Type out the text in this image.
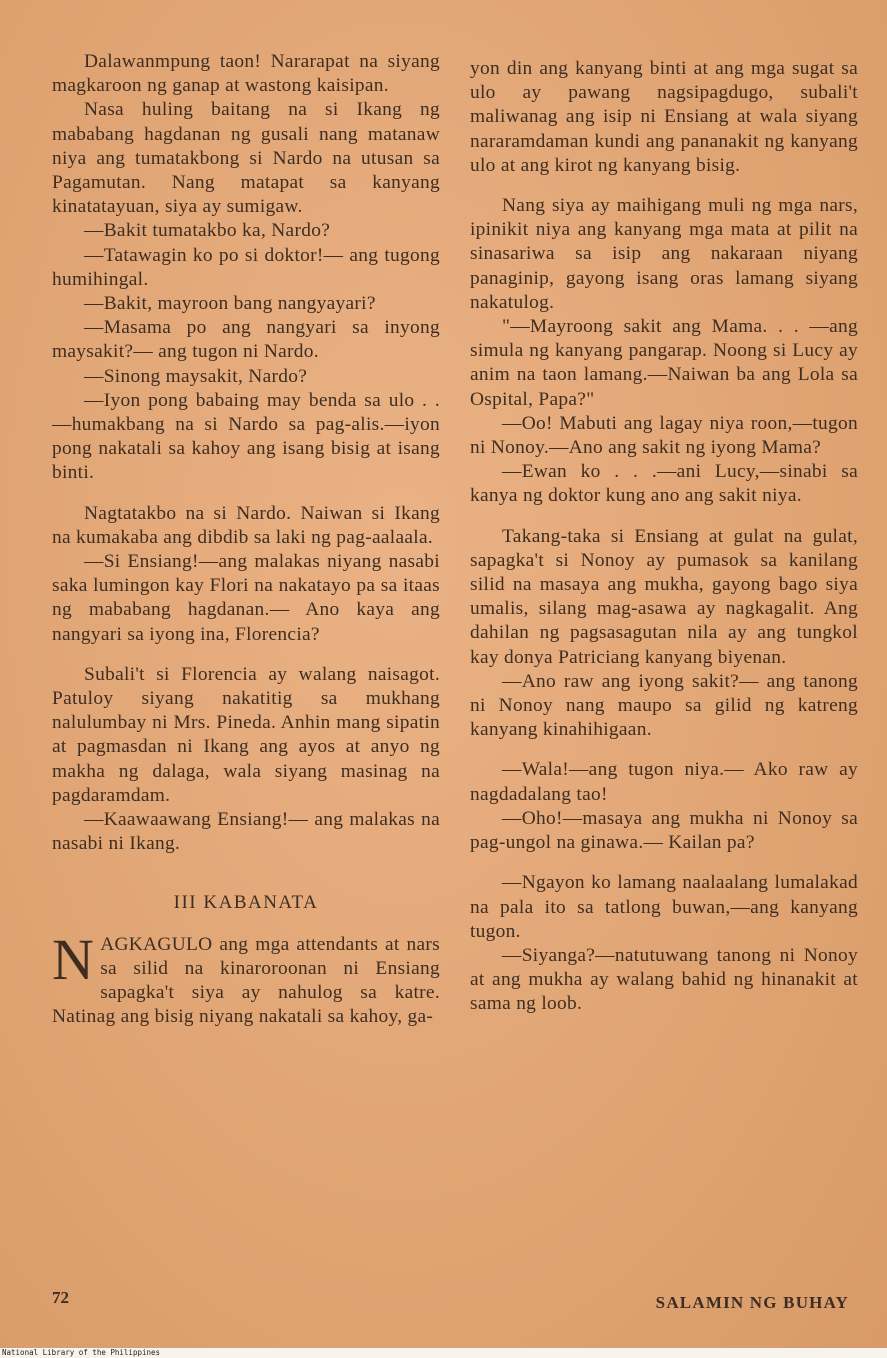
Dalawanmpung taon! Nararapat na siyang magkaroon ng ganap at wastong kaisipan.

Nasa huling baitang na si Ikang ng mababang hagdanan ng gusali nang matanaw niya ang tumatakbong si Nardo na utusan sa Pagamutan. Nang matapat sa kanyang kinatatayuan, siya ay sumigaw.

—Bakit tumatakbo ka, Nardo?

—Tatawagin ko po si doktor!— ang tugong humihingal.

—Bakit, mayroon bang nangyayari?

—Masama po ang nangyari sa inyong maysakit?— ang tugon ni Nardo.

—Sinong maysakit, Nardo?

—Iyon pong babaing may benda sa ulo . . —humakbang na si Nardo sa pag-alis.—iyon pong nakatali sa kahoy ang isang bisig at isang binti.

Nagtatakbo na si Nardo. Naiwan si Ikang na kumakaba ang dibdib sa laki ng pag-aalaala.

—Si Ensiang!—ang malakas niyang nasabi saka lumingon kay Flori na nakatayo pa sa itaas ng mababang hagdanan.— Ano kaya ang nangyari sa iyong ina, Florencia?

Subali't si Florencia ay walang naisagot. Patuloy siyang nakatitig sa mukhang nalulumbay ni Mrs. Pineda. Anhin mang sipatin at pagmasdan ni Ikang ang ayos at anyo ng makha ng dalaga, wala siyang masinag na pagdaramdam.

—Kaawaawang Ensiang!— ang malakas na nasabi ni Ikang.

III KABANATA

NAGKAGULO ang mga attendants at nars sa silid na kinaroroonan ni Ensiang sapagka't siya ay nahulog sa katre. Natinag ang bisig niyang nakatali sa kahoy, ga-

yon din ang kanyang binti at ang mga sugat sa ulo ay pawang nagsipagdugo, subali't maliwanag ang isip ni Ensiang at wala siyang nararamdaman kundi ang pananakit ng kanyang ulo at ang kirot ng kanyang bisig.

Nang siya ay maihigang muli ng mga nars, ipinikit niya ang kanyang mga mata at pilit na sinasariwa sa isip ang nakaraan niyang panaginip, gayong isang oras lamang siyang nakatulog.

"—Mayroong sakit ang Mama. . . —ang simula ng kanyang pangarap. Noong si Lucy ay anim na taon lamang.—Naiwan ba ang Lola sa Ospital, Papa?"

—Oo! Mabuti ang lagay niya roon,—tugon ni Nonoy.—Ano ang sakit ng iyong Mama?

—Ewan ko . . .—ani Lucy,—sinabi sa kanya ng doktor kung ano ang sakit niya.

Takang-taka si Ensiang at gulat na gulat, sapagka't si Nonoy ay pumasok sa kanilang silid na masaya ang mukha, gayong bago siya umalis, silang mag-asawa ay nagkagalit. Ang dahilan ng pagsasagutan nila ay ang tungkol kay donya Patriciang kanyang biyenan.

—Ano raw ang iyong sakit?— ang tanong ni Nonoy nang maupo sa gilid ng katreng kanyang kinahihigaan.

—Wala!—ang tugon niya.— Ako raw ay nagdadalang tao!

—Oho!—masaya ang mukha ni Nonoy sa pag-ungol na ginawa.— Kailan pa?

—Ngayon ko lamang naalaalang lumalakad na pala ito sa tatlong buwan,—ang kanyang tugon.

—Siyanga?—natutuwang tanong ni Nonoy at ang mukha ay walang bahid ng hinanakit at sama ng loob.

72	SALAMIN NG BUHAY
National Library of the Philippines
